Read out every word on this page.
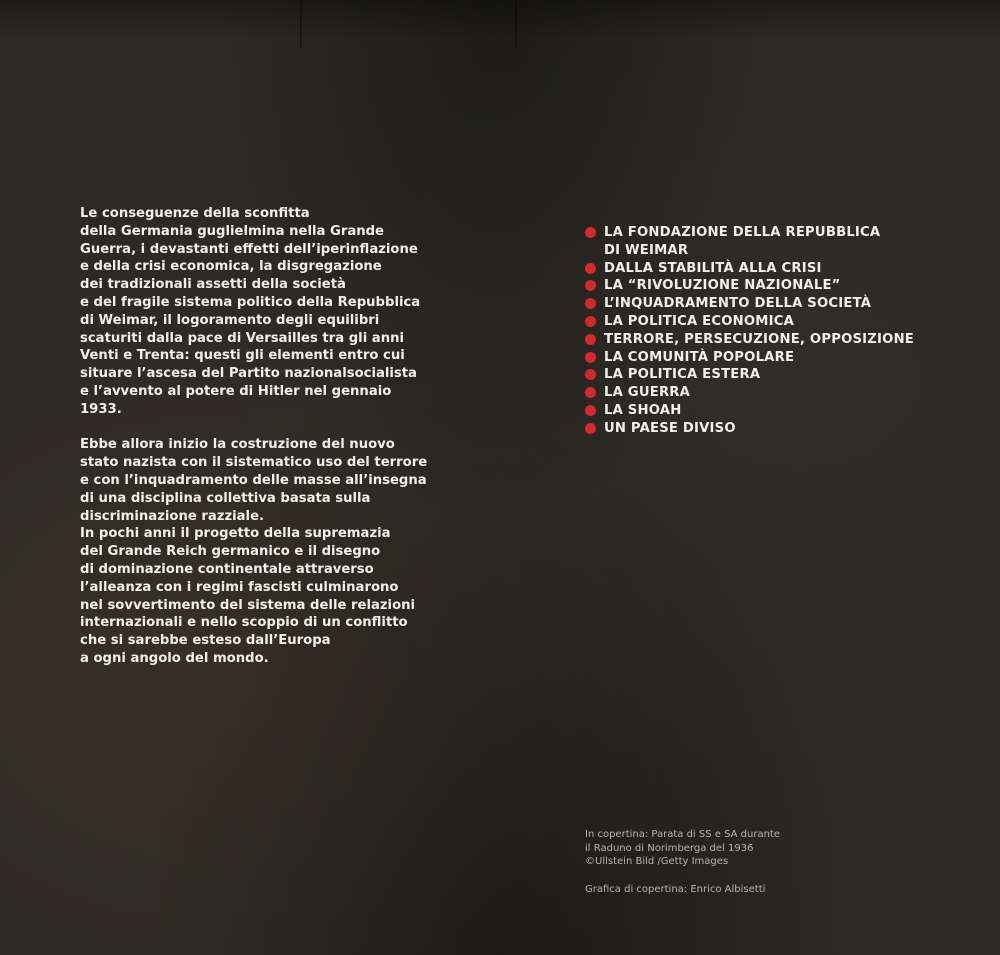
Le conseguenze della sconfitta
della Germania guglielmina nella Grande
Guerra, i devastanti effetti dell’iperinflazione
e della crisi economica, la disgregazione
dei tradizionali assetti della società
e del fragile sistema politico della Repubblica
di Weimar, il logoramento degli equilibri
scaturiti dalla pace di Versailles tra gli anni
Venti e Trenta: questi gli elementi entro cui
situare l’ascesa del Partito nazionalsocialista
e l’avvento al potere di Hitler nel gennaio 1933.

Ebbe allora inizio la costruzione del nuovo
stato nazista con il sistematico uso del terrore
e con l’inquadramento delle masse all’insegna
di una disciplina collettiva basata sulla
discriminazione razziale.

In pochi anni il progetto della supremazia
del Grande Reich germanico e il disegno
di dominazione continentale attraverso
l’alleanza con i regimi fascisti culminarono
nel sovvertimento del sistema delle relazioni
internazionali e nello scoppio di un conflitto
che si sarebbe esteso dall’Europa
a ogni angolo del mondo.

LA FONDAZIONE DELLA REPUBBLICA
DI WEIMAR
DALLA STABILITÀ ALLA CRISI
LA “RIVOLUZIONE NAZIONALE”
L’INQUADRAMENTO DELLA SOCIETÀ
LA POLITICA ECONOMICA
TERRORE, PERSECUZIONE, OPPOSIZIONE
LA COMUNITÀ POPOLARE
LA POLITICA ESTERA
LA GUERRA
LA SHOAH
UN PAESE DIVISO

In copertina: Parata di SS e SA durante
il Raduno di Norimberga del 1936
©Ullstein Bild /Getty Images

Grafica di copertina: Enrico Albisetti
